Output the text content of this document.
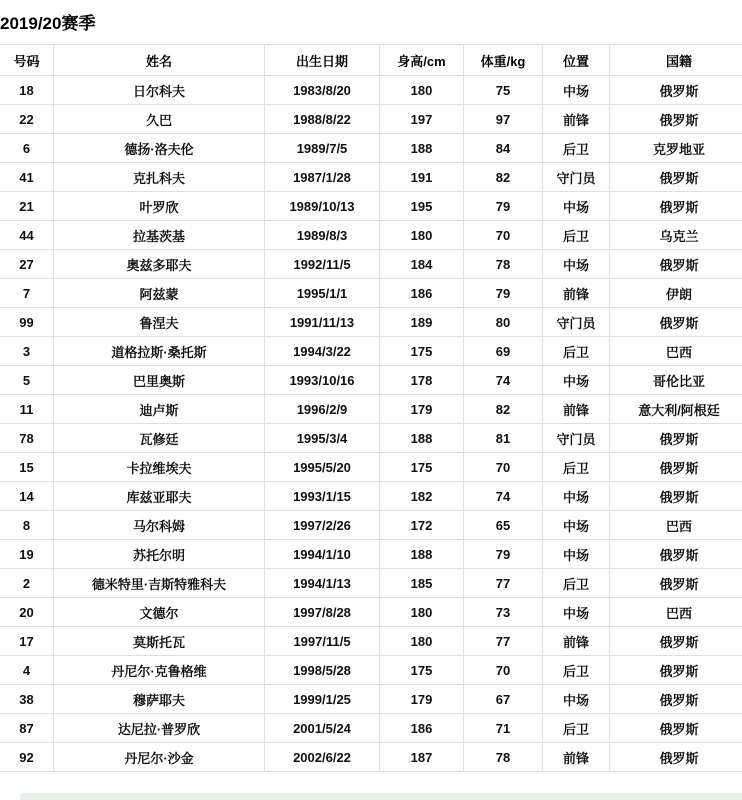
2019/20赛季
号码	姓名	出生日期	身高/cm	体重/kg	位置	国籍
18	日尔科夫	1983/8/20	180	75	中场	俄罗斯
22	久巴	1988/8/22	197	97	前锋	俄罗斯
6	德扬·洛夫伦	1989/7/5	188	84	后卫	克罗地亚
41	克扎科夫	1987/1/28	191	82	守门员	俄罗斯
21	叶罗欣	1989/10/13	195	79	中场	俄罗斯
44	拉基茨基	1989/8/3	180	70	后卫	乌克兰
27	奥兹多耶夫	1992/11/5	184	78	中场	俄罗斯
7	阿兹蒙	1995/1/1	186	79	前锋	伊朗
99	鲁涅夫	1991/11/13	189	80	守门员	俄罗斯
3	道格拉斯·桑托斯	1994/3/22	175	69	后卫	巴西
5	巴里奥斯	1993/10/16	178	74	中场	哥伦比亚
11	迪卢斯	1996/2/9	179	82	前锋	意大利/阿根廷
78	瓦修廷	1995/3/4	188	81	守门员	俄罗斯
15	卡拉维埃夫	1995/5/20	175	70	后卫	俄罗斯
14	库兹亚耶夫	1993/1/15	182	74	中场	俄罗斯
8	马尔科姆	1997/2/26	172	65	中场	巴西
19	苏托尔明	1994/1/10	188	79	中场	俄罗斯
2	德米特里·吉斯特雅科夫	1994/1/13	185	77	后卫	俄罗斯
20	文德尔	1997/8/28	180	73	中场	巴西
17	莫斯托瓦	1997/11/5	180	77	前锋	俄罗斯
4	丹尼尔·克鲁格维	1998/5/28	175	70	后卫	俄罗斯
38	穆萨耶夫	1999/1/25	179	67	中场	俄罗斯
87	达尼拉·普罗欣	2001/5/24	186	71	后卫	俄罗斯
92	丹尼尔·沙金	2002/6/22	187	78	前锋	俄罗斯
